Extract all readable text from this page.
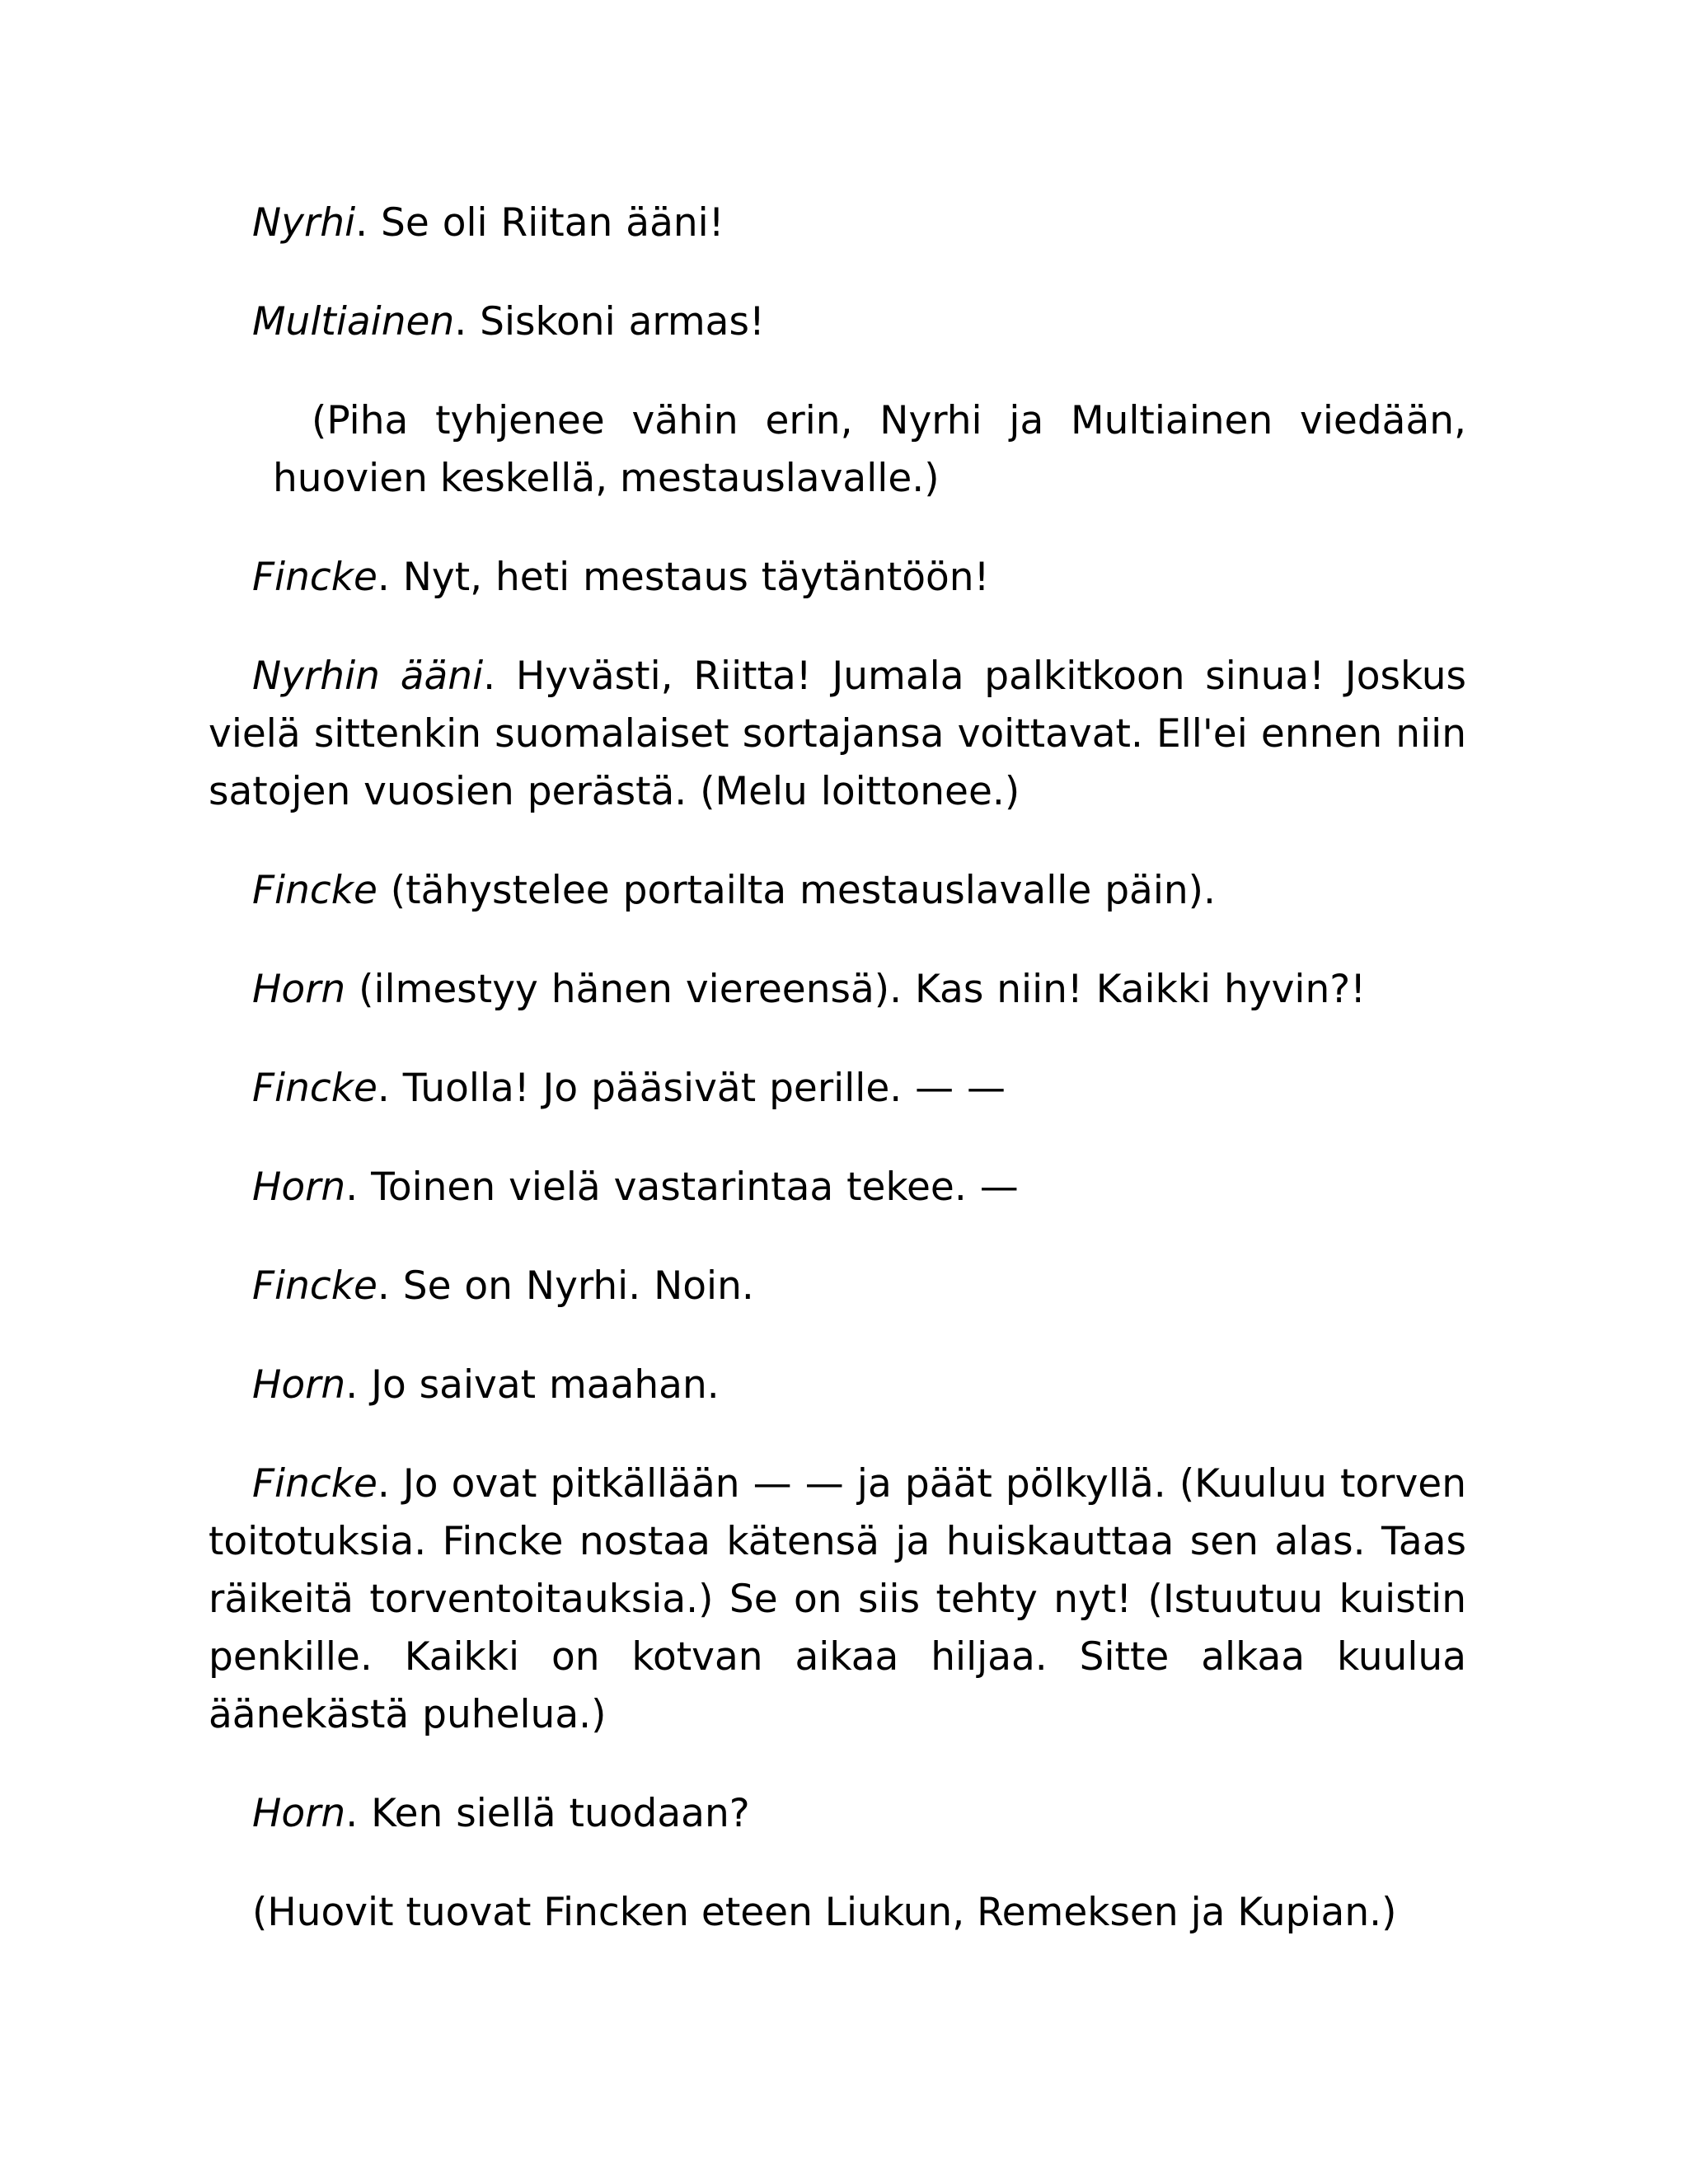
Nyrhi. Se oli Riitan ääni!

Multiainen. Siskoni armas!

(Piha tyhjenee vähin erin, Nyrhi ja Multiainen viedään, huovien keskellä, mestauslavalle.)

Fincke. Nyt, heti mestaus täytäntöön!

Nyrhin ääni. Hyvästi, Riitta! Jumala palkitkoon sinua! Joskus vielä sittenkin suomalaiset sortajansa voittavat. Ell'ei ennen niin satojen vuosien perästä. (Melu loittonee.)

Fincke (tähystelee portailta mestauslavalle päin).

Horn (ilmestyy hänen viereensä). Kas niin! Kaikki hyvin?!

Fincke. Tuolla! Jo pääsivät perille. — —

Horn. Toinen vielä vastarintaa tekee. —

Fincke. Se on Nyrhi. Noin.

Horn. Jo saivat maahan.

Fincke. Jo ovat pitkällään — — ja päät pölkyllä. (Kuuluu torven toitotuksia. Fincke nostaa kätensä ja huiskauttaa sen alas. Taas räikeitä torventoitauksia.) Se on siis tehty nyt! (Istuutuu kuistin penkille. Kaikki on kotvan aikaa hiljaa. Sitte alkaa kuulua äänekästä puhelua.)

Horn. Ken siellä tuodaan?

(Huovit tuovat Fincken eteen Liukun, Remeksen ja Kupian.)
